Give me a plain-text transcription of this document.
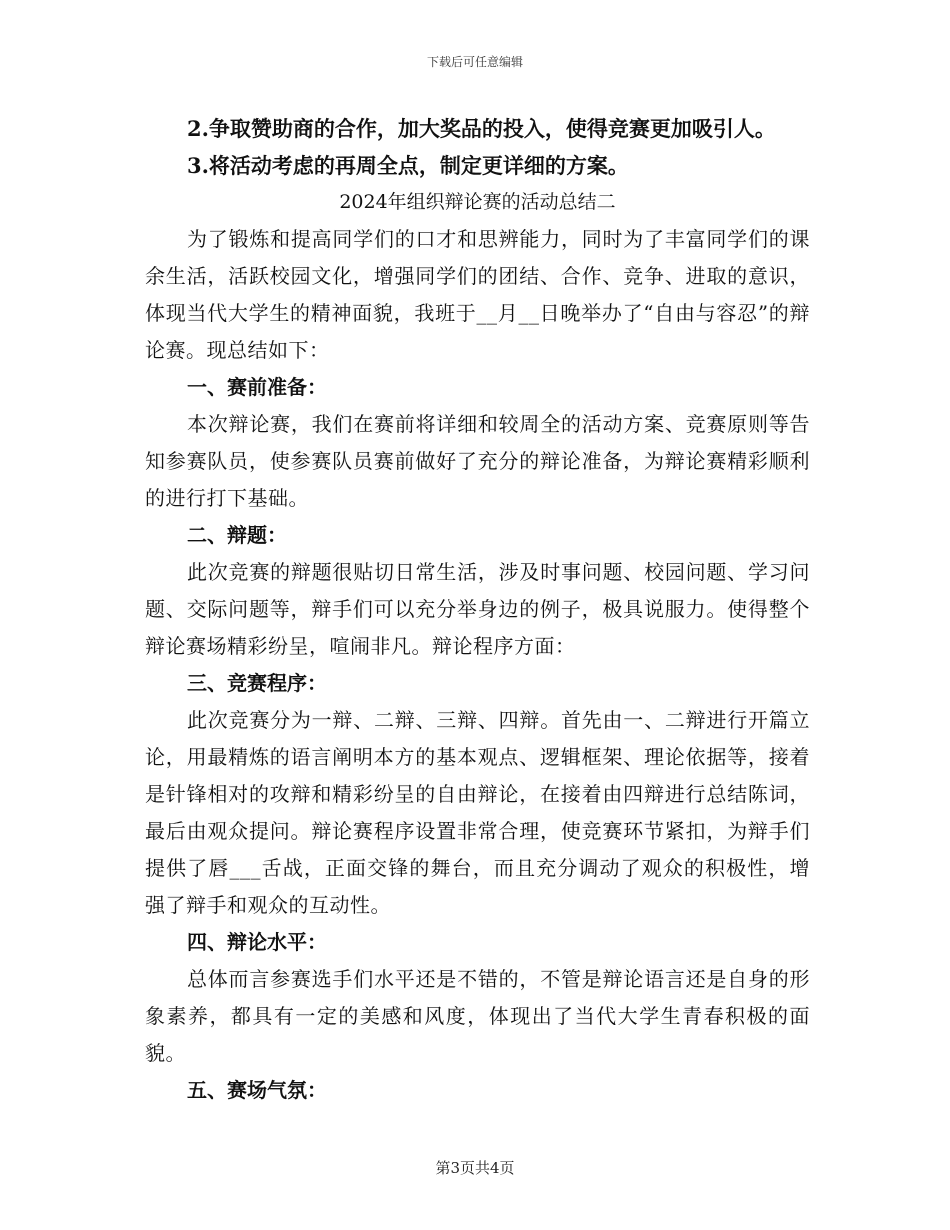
下载后可任意编辑
2.争取赞助商的合作，加大奖品的投入，使得竞赛更加吸引人。
3.将活动考虑的再周全点，制定更详细的方案。
2024年组织辩论赛的活动总结二

为了锻炼和提高同学们的口才和思辨能力，同时为了丰富同学们的课余生活，活跃校园文化，增强同学们的团结、合作、竞争、进取的意识，体现当代大学生的精神面貌，我班于__月__日晚举办了“自由与容忍”的辩论赛。现总结如下：

一、赛前准备：

本次辩论赛，我们在赛前将详细和较周全的活动方案、竞赛原则等告知参赛队员，使参赛队员赛前做好了充分的辩论准备，为辩论赛精彩顺利的进行打下基础。

二、辩题：

此次竞赛的辩题很贴切日常生活，涉及时事问题、校园问题、学习问题、交际问题等，辩手们可以充分举身边的例子，极具说服力。使得整个辩论赛场精彩纷呈，喧闹非凡。辩论程序方面：

三、竞赛程序：

此次竞赛分为一辩、二辩、三辩、四辩。首先由一、二辩进行开篇立论，用最精炼的语言阐明本方的基本观点、逻辑框架、理论依据等，接着是针锋相对的攻辩和精彩纷呈的自由辩论，在接着由四辩进行总结陈词，最后由观众提问。辩论赛程序设置非常合理，使竞赛环节紧扣，为辩手们提供了唇___舌战，正面交锋的舞台，而且充分调动了观众的积极性，增强了辩手和观众的互动性。

四、辩论水平：

总体而言参赛选手们水平还是不错的，不管是辩论语言还是自身的形象素养，都具有一定的美感和风度，体现出了当代大学生青春积极的面貌。

五、赛场气氛：

第3页共4页
